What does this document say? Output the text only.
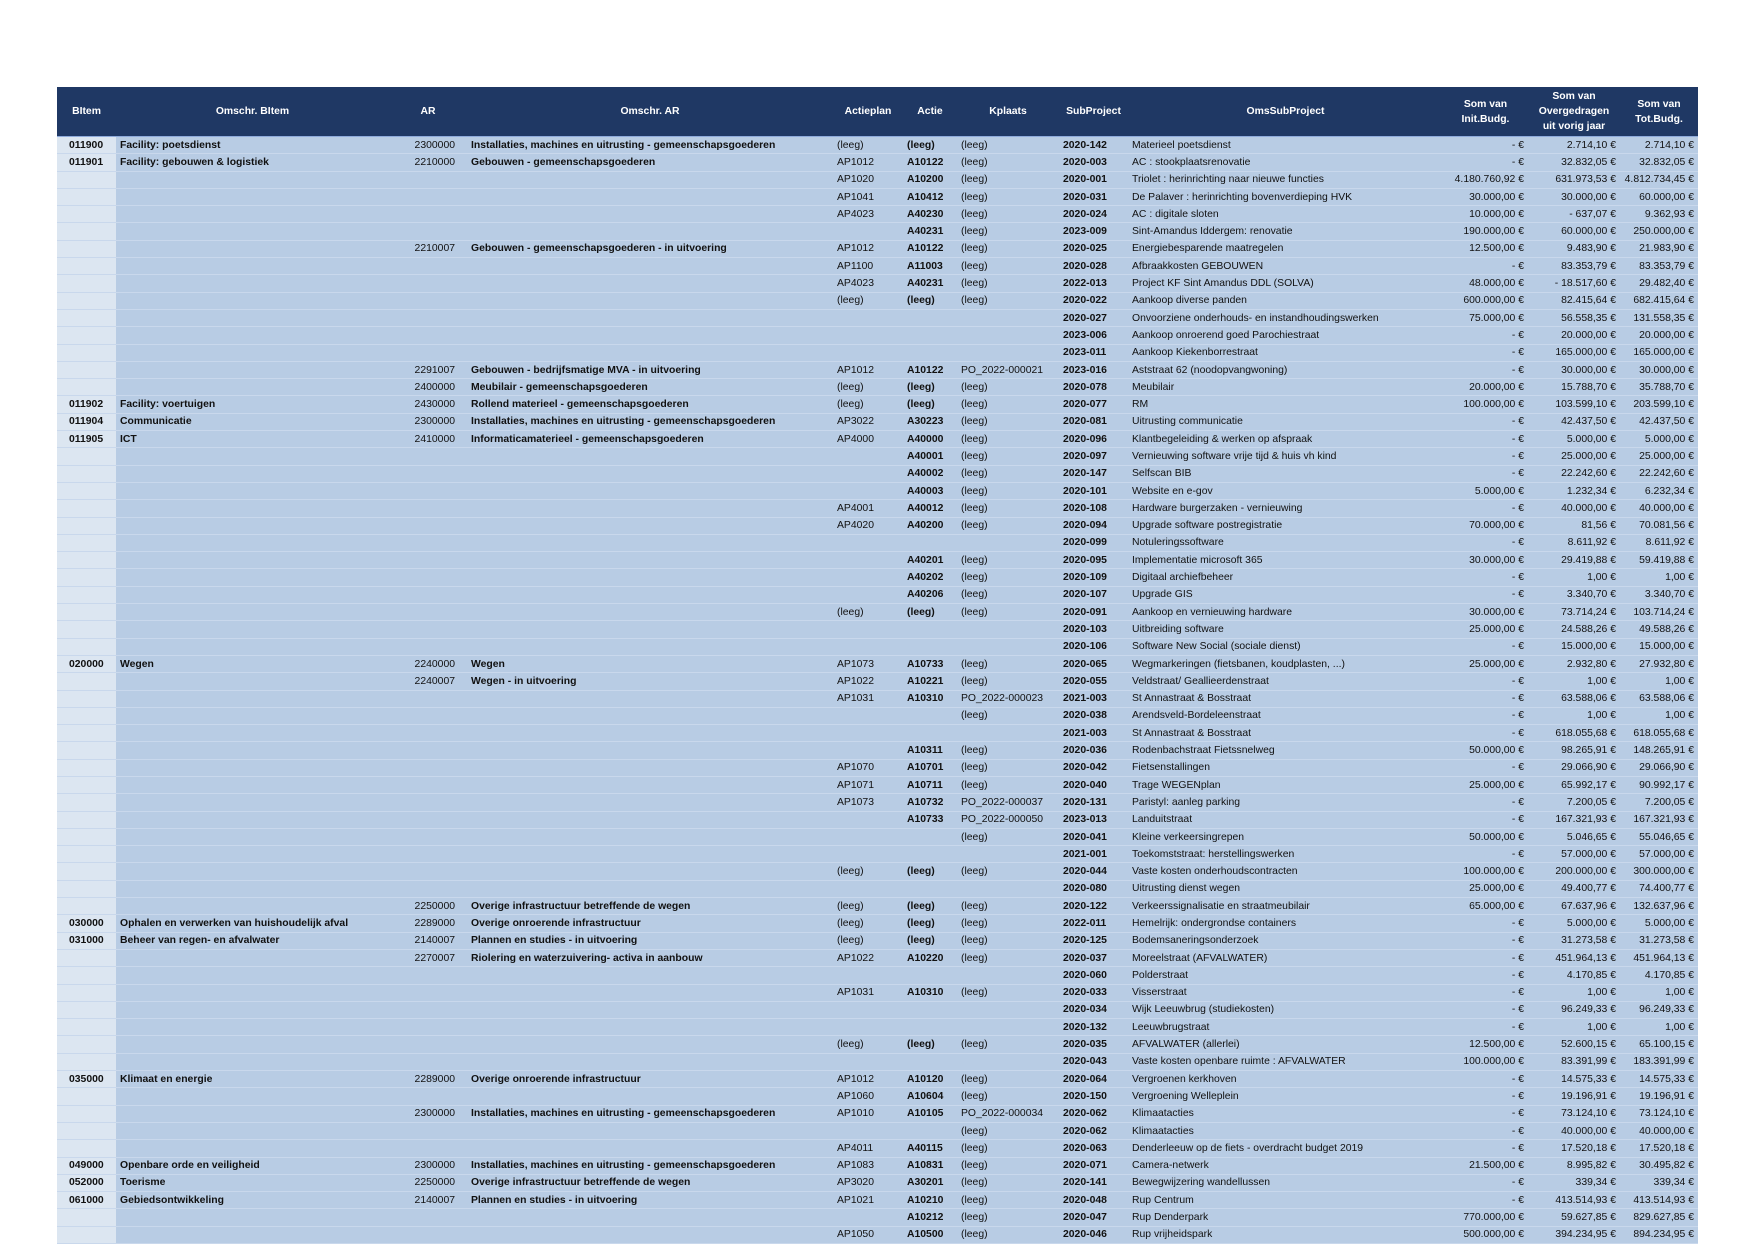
BItem	Omschr. BItem	AR	Omschr. AR	Actieplan	Actie	Kplaats	SubProject	OmsSubProject	Som van Init.Budg.	Som van Overgedragen uit vorig jaar	Som van Tot.Budg.
011900	Facility: poetsdienst	2300000	Installaties, machines en uitrusting - gemeenschapsgoederen	(leeg)	(leeg)	(leeg)	2020-142	Materieel poetsdienst	- €	2.714,10 €	2.714,10 €
011901	Facility: gebouwen & logistiek	2210000	Gebouwen - gemeenschapsgoederen	AP1012	A10122	(leeg)	2020-003	AC : stookplaatsrenovatie	- €	32.832,05 €	32.832,05 €
				AP1020	A10200	(leeg)	2020-001	Triolet : herinrichting naar nieuwe functies	4.180.760,92 €	631.973,53 €	4.812.734,45 €
				AP1041	A10412	(leeg)	2020-031	De Palaver : herinrichting bovenverdieping HVK	30.000,00 €	30.000,00 €	60.000,00 €
				AP4023	A40230	(leeg)	2020-024	AC : digitale sloten	10.000,00 €	- 637,07 €	9.362,93 €
					A40231	(leeg)	2023-009	Sint-Amandus Iddergem: renovatie	190.000,00 €	60.000,00 €	250.000,00 €
		2210007	Gebouwen - gemeenschapsgoederen - in uitvoering	AP1012	A10122	(leeg)	2020-025	Energiebesparende maatregelen	12.500,00 €	9.483,90 €	21.983,90 €
				AP1100	A11003	(leeg)	2020-028	Afbraakkosten GEBOUWEN	- €	83.353,79 €	83.353,79 €
				AP4023	A40231	(leeg)	2022-013	Project KF Sint Amandus DDL (SOLVA)	48.000,00 €	- 18.517,60 €	29.482,40 €
				(leeg)	(leeg)	(leeg)	2020-022	Aankoop diverse panden	600.000,00 €	82.415,64 €	682.415,64 €
							2020-027	Onvoorziene onderhouds- en instandhoudingswerken	75.000,00 €	56.558,35 €	131.558,35 €
							2023-006	Aankoop onroerend goed Parochiestraat	- €	20.000,00 €	20.000,00 €
							2023-011	Aankoop Kiekenborrestraat	- €	165.000,00 €	165.000,00 €
		2291007	Gebouwen - bedrijfsmatige MVA - in uitvoering	AP1012	A10122	PO_2022-000021	2023-016	Aststraat 62 (noodopvangwoning)	- €	30.000,00 €	30.000,00 €
		2400000	Meubilair - gemeenschapsgoederen	(leeg)	(leeg)	(leeg)	2020-078	Meubilair	20.000,00 €	15.788,70 €	35.788,70 €
011902	Facility: voertuigen	2430000	Rollend materieel - gemeenschapsgoederen	(leeg)	(leeg)	(leeg)	2020-077	RM	100.000,00 €	103.599,10 €	203.599,10 €
011904	Communicatie	2300000	Installaties, machines en uitrusting - gemeenschapsgoederen	AP3022	A30223	(leeg)	2020-081	Uitrusting communicatie	- €	42.437,50 €	42.437,50 €
011905	ICT	2410000	Informaticamaterieel - gemeenschapsgoederen	AP4000	A40000	(leeg)	2020-096	Klantbegeleiding & werken op afspraak	- €	5.000,00 €	5.000,00 €
					A40001	(leeg)	2020-097	Vernieuwing software vrije tijd & huis vh kind	- €	25.000,00 €	25.000,00 €
					A40002	(leeg)	2020-147	Selfscan BIB	- €	22.242,60 €	22.242,60 €
					A40003	(leeg)	2020-101	Website en e-gov	5.000,00 €	1.232,34 €	6.232,34 €
				AP4001	A40012	(leeg)	2020-108	Hardware burgerzaken - vernieuwing	- €	40.000,00 €	40.000,00 €
				AP4020	A40200	(leeg)	2020-094	Upgrade software postregistratie	70.000,00 €	81,56 €	70.081,56 €
							2020-099	Notuleringssoftware	- €	8.611,92 €	8.611,92 €
					A40201	(leeg)	2020-095	Implementatie microsoft 365	30.000,00 €	29.419,88 €	59.419,88 €
					A40202	(leeg)	2020-109	Digitaal archiefbeheer	- €	1,00 €	1,00 €
					A40206	(leeg)	2020-107	Upgrade GIS	- €	3.340,70 €	3.340,70 €
				(leeg)	(leeg)	(leeg)	2020-091	Aankoop en vernieuwing hardware	30.000,00 €	73.714,24 €	103.714,24 €
							2020-103	Uitbreiding software	25.000,00 €	24.588,26 €	49.588,26 €
							2020-106	Software New Social (sociale dienst)	- €	15.000,00 €	15.000,00 €
020000	Wegen	2240000	Wegen	AP1073	A10733	(leeg)	2020-065	Wegmarkeringen (fietsbanen, koudplasten, ...)	25.000,00 €	2.932,80 €	27.932,80 €
		2240007	Wegen - in uitvoering	AP1022	A10221	(leeg)	2020-055	Veldstraat/ Geallieerdenstraat	- €	1,00 €	1,00 €
				AP1031	A10310	PO_2022-000023	2021-003	St Annastraat & Bosstraat	- €	63.588,06 €	63.588,06 €
						(leeg)	2020-038	Arendsveld-Bordeleenstraat	- €	1,00 €	1,00 €
							2021-003	St Annastraat & Bosstraat	- €	618.055,68 €	618.055,68 €
					A10311	(leeg)	2020-036	Rodenbachstraat Fietssnelweg	50.000,00 €	98.265,91 €	148.265,91 €
				AP1070	A10701	(leeg)	2020-042	Fietsenstallingen	- €	29.066,90 €	29.066,90 €
				AP1071	A10711	(leeg)	2020-040	Trage WEGENplan	25.000,00 €	65.992,17 €	90.992,17 €
				AP1073	A10732	PO_2022-000037	2020-131	Paristyl: aanleg parking	- €	7.200,05 €	7.200,05 €
					A10733	PO_2022-000050	2023-013	Landuitstraat	- €	167.321,93 €	167.321,93 €
						(leeg)	2020-041	Kleine verkeersingrepen	50.000,00 €	5.046,65 €	55.046,65 €
							2021-001	Toekomststraat: herstellingswerken	- €	57.000,00 €	57.000,00 €
				(leeg)	(leeg)	(leeg)	2020-044	Vaste kosten onderhoudscontracten	100.000,00 €	200.000,00 €	300.000,00 €
							2020-080	Uitrusting dienst wegen	25.000,00 €	49.400,77 €	74.400,77 €
		2250000	Overige infrastructuur betreffende de wegen	(leeg)	(leeg)	(leeg)	2020-122	Verkeerssignalisatie en straatmeubilair	65.000,00 €	67.637,96 €	132.637,96 €
030000	Ophalen en verwerken van huishoudelijk afval	2289000	Overige onroerende infrastructuur	(leeg)	(leeg)	(leeg)	2022-011	Hemelrijk: ondergrondse containers	- €	5.000,00 €	5.000,00 €
031000	Beheer van regen- en afvalwater	2140007	Plannen en studies - in uitvoering	(leeg)	(leeg)	(leeg)	2020-125	Bodemsaneringsonderzoek	- €	31.273,58 €	31.273,58 €
		2270007	Riolering en waterzuivering- activa in aanbouw	AP1022	A10220	(leeg)	2020-037	Moreelstraat (AFVALWATER)	- €	451.964,13 €	451.964,13 €
							2020-060	Polderstraat	- €	4.170,85 €	4.170,85 €
				AP1031	A10310	(leeg)	2020-033	Visserstraat	- €	1,00 €	1,00 €
							2020-034	Wijk Leeuwbrug (studiekosten)	- €	96.249,33 €	96.249,33 €
							2020-132	Leeuwbrugstraat	- €	1,00 €	1,00 €
				(leeg)	(leeg)	(leeg)	2020-035	AFVALWATER (allerlei)	12.500,00 €	52.600,15 €	65.100,15 €
							2020-043	Vaste kosten openbare ruimte : AFVALWATER	100.000,00 €	83.391,99 €	183.391,99 €
035000	Klimaat en energie	2289000	Overige onroerende infrastructuur	AP1012	A10120	(leeg)	2020-064	Vergroenen kerkhoven	- €	14.575,33 €	14.575,33 €
				AP1060	A10604	(leeg)	2020-150	Vergroening Welleplein	- €	19.196,91 €	19.196,91 €
		2300000	Installaties, machines en uitrusting - gemeenschapsgoederen	AP1010	A10105	PO_2022-000034	2020-062	Klimaatacties	- €	73.124,10 €	73.124,10 €
						(leeg)	2020-062	Klimaatacties	- €	40.000,00 €	40.000,00 €
				AP4011	A40115	(leeg)	2020-063	Denderleeuw op de fiets - overdracht budget 2019	- €	17.520,18 €	17.520,18 €
049000	Openbare orde en veiligheid	2300000	Installaties, machines en uitrusting - gemeenschapsgoederen	AP1083	A10831	(leeg)	2020-071	Camera-netwerk	21.500,00 €	8.995,82 €	30.495,82 €
052000	Toerisme	2250000	Overige infrastructuur betreffende de wegen	AP3020	A30201	(leeg)	2020-141	Bewegwijzering wandellussen	- €	339,34 €	339,34 €
061000	Gebiedsontwikkeling	2140007	Plannen en studies - in uitvoering	AP1021	A10210	(leeg)	2020-048	Rup Centrum	- €	413.514,93 €	413.514,93 €
					A10212	(leeg)	2020-047	Rup Denderpark	770.000,00 €	59.627,85 €	829.627,85 €
				AP1050	A10500	(leeg)	2020-046	Rup vrijheidspark	500.000,00 €	394.234,95 €	894.234,95 €
